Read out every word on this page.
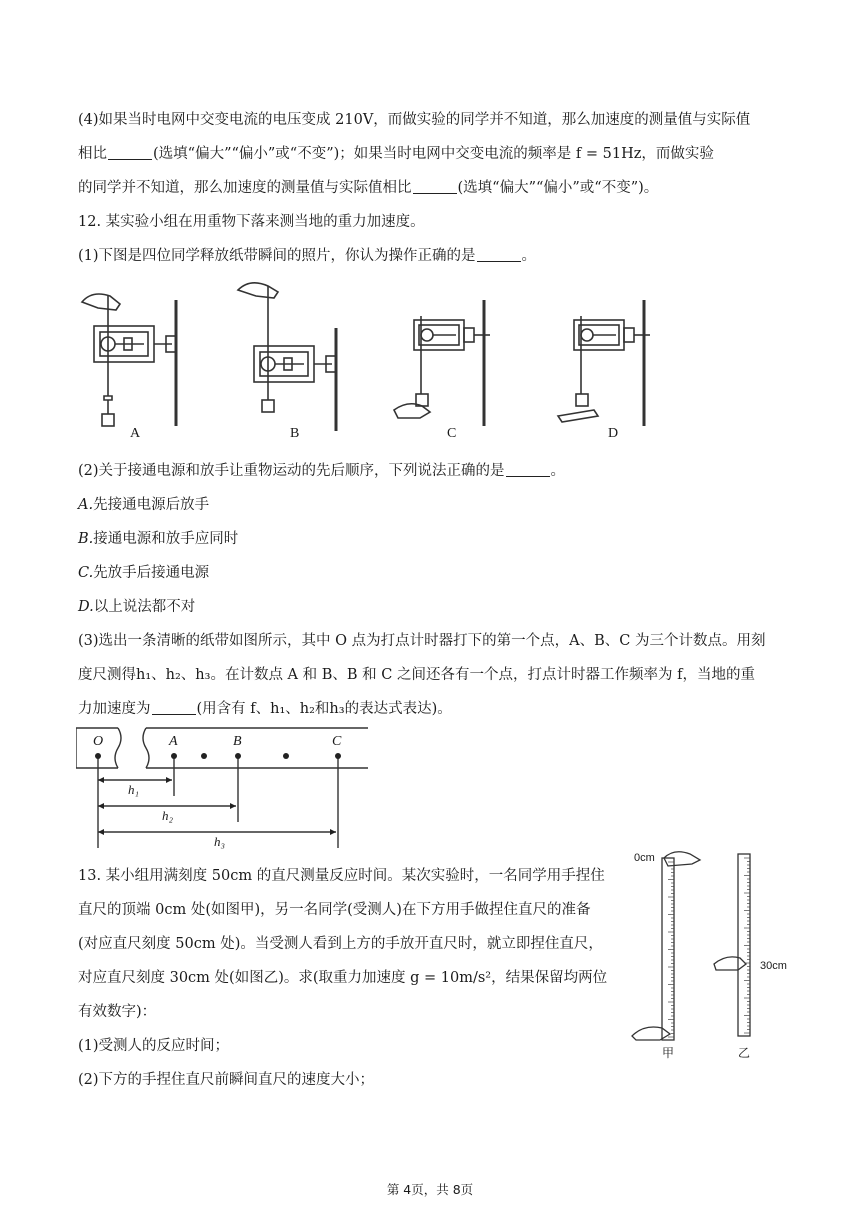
(4)如果当时电网中交变电流的电压变成 210V，而做实验的同学并不知道，那么加速度的测量值与实际值
相比	(选填“偏大”“偏小”或“不变”)；如果当时电网中交变电流的频率是 f = 51Hz，而做实验
的同学并不知道，那么加速度的测量值与实际值相比	(选填“偏大”“偏小”或“不变”)。
12. 某实验小组在用重物下落来测当地的重力加速度。
(1)下图是四位同学释放纸带瞬间的照片，你认为操作正确的是	。
A	B	C	D
(2)关于接通电源和放手让重物运动的先后顺序，下列说法正确的是	。
A.先接通电源后放手
B.接通电源和放手应同时
C.先放手后接通电源
D.以上说法都不对
(3)选出一条清晰的纸带如图所示，其中 O 点为打点计时器打下的第一个点，A、B、C 为三个计数点。用刻
度尺测得h₁、h₂、h₃。在计数点 A 和 B、B 和 C 之间还各有一个点，打点计时器工作频率为 f，当地的重
力加速度为	(用含有 f、h₁、h₂和h₃的表达式表达)。
O	A	B	C
h₁
h₂
h₃
13. 某小组用满刻度 50cm 的直尺测量反应时间。某次实验时，一名同学用手捏住
直尺的顶端 0cm 处(如图甲)，另一名同学(受测人)在下方用手做捏住直尺的准备
(对应直尺刻度 50cm 处)。当受测人看到上方的手放开直尺时，就立即捏住直尺，
对应直尺刻度 30cm 处(如图乙)。求(取重力加速度 g = 10m/s²，结果保留均两位
有效数字)：
(1)受测人的反应时间；
(2)下方的手捏住直尺前瞬间直尺的速度大小；
0cm
30cm
甲	乙
第 4页，共 8页
